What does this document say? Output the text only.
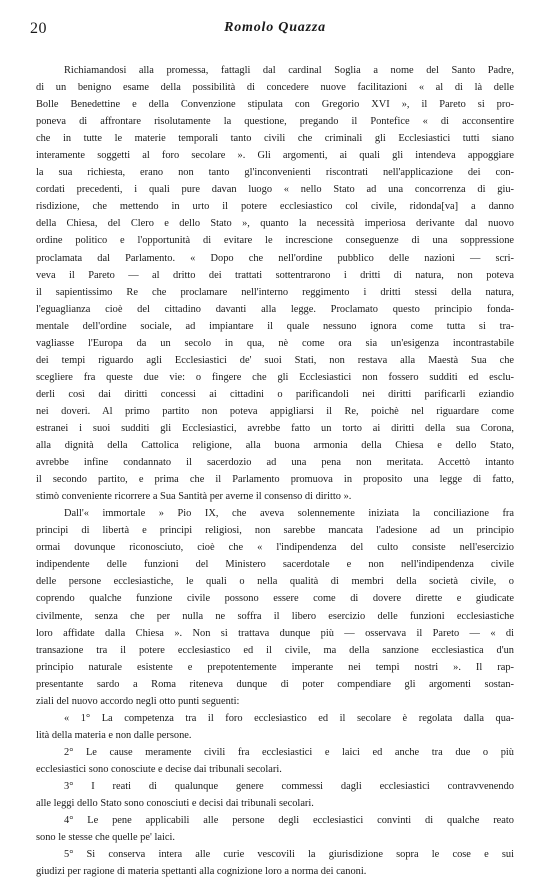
20	Romolo Quazza
Richiamandosi alla promessa, fattagli dal cardinal Soglia a nome del Santo Padre,
di un benigno esame della possibilità di concedere nuove facilitazioni « al di là delle
Bolle Benedettine e della Convenzione stipulata con Gregorio XVI », il Pareto si pro-
poneva di affrontare risolutamente la questione, pregando il Pontefice « di acconsentire
che in tutte le materie temporali tanto civili che criminali gli Ecclesiastici tutti siano
interamente soggetti al foro secolare ». Gli argomenti, ai quali gli intendeva appoggiare
la sua richiesta, erano non tanto gl'inconvenienti riscontrati nell'applicazione dei con-
cordati precedenti, i quali pure davan luogo « nello Stato ad una concorrenza di giu-
risdizione, che mettendo in urto il potere ecclesiastico col civile, ridonda[va] a danno
della Chiesa, del Clero e dello Stato », quanto la necessità imperiosa derivante dal nuovo
ordine politico e l'opportunità di evitare le increscione conseguenze di una soppressione
proclamata dal Parlamento. « Dopo che nell'ordine pubblico delle nazioni — scri-
veva il Pareto — al dritto dei trattati sottentrarono i dritti di natura, non poteva
il sapientissimo Re che proclamare nell'interno reggimento i dritti stessi della natura,
l'eguaglianza cioè del cittadino davanti alla legge. Proclamato questo principio fonda-
mentale dell'ordine sociale, ad impiantare il quale nessuno ignora come tutta si tra-
vagliasse l'Europa da un secolo in qua, nè come ora sia un'esigenza incontrastabile
dei tempi riguardo agli Ecclesiastici de' suoi Stati, non restava alla Maestà Sua che
scegliere fra queste due vie: o fingere che gli Ecclesiastici non fossero sudditi ed esclu-
derli così dai diritti concessi ai cittadini o parificandoli nei diritti parificarli eziandio
nei doveri. Al primo partito non poteva appigliarsi il Re, poichè nel riguardare come
estranei i suoi sudditi gli Ecclesiastici, avrebbe fatto un torto ai diritti della sua Corona,
alla dignità della Cattolica religione, alla buona armonia della Chiesa e dello Stato,
avrebbe infine condannato il sacerdozio ad una pena non meritata. Accettò intanto
il secondo partito, e prima che il Parlamento promuova in proposito una legge di fatto,
stimò conveniente ricorrere a Sua Santità per averne il consenso di diritto ».
Dall'« immortale » Pio IX, che aveva solennemente iniziata la conciliazione fra
principi di libertà e principi religiosi, non sarebbe mancata l'adesione ad un principio
ormai dovunque riconosciuto, cioè che « l'indipendenza del culto consiste nell'esercizio
indipendente delle funzioni del Ministero sacerdotale e non nell'indipendenza civile
delle persone ecclesiastiche, le quali o nella qualità di membri della società civile, o
coprendo qualche funzione civile possono essere come di dovere dirette e giudicate
civilmente, senza che per nulla ne soffra il libero esercizio delle funzioni ecclesiastiche
loro affidate dalla Chiesa ». Non si trattava dunque più — osservava il Pareto — « di
transazione tra il potere ecclesiastico ed il civile, ma della sanzione ecclesiastica d'un
principio naturale esistente e prepotentemente imperante nei tempi nostri ». Il rap-
presentante sardo a Roma riteneva dunque di poter compendiare gli argomenti sostan-
ziali del nuovo accordo negli otto punti seguenti:
« 1° La competenza tra il foro ecclesiastico ed il secolare è regolata dalla qua-
lità della materia e non dalle persone.
2° Le cause meramente civili fra ecclesiastici e laici ed anche tra due o più
ecclesiastici sono conosciute e decise dai tribunali secolari.
3° I reati di qualunque genere commessi dagli ecclesiastici contravvenendo
alle leggi dello Stato sono conosciuti e decisi dai tribunali secolari.
4° Le pene applicabili alle persone degli ecclesiastici convinti di qualche reato
sono le stesse che quelle pe' laici.
5° Si conserva intera alle curie vescovili la giurisdizione sopra le cose e sui
giudizi per ragione di materia spettanti alla cognizione loro a norma dei canoni.
